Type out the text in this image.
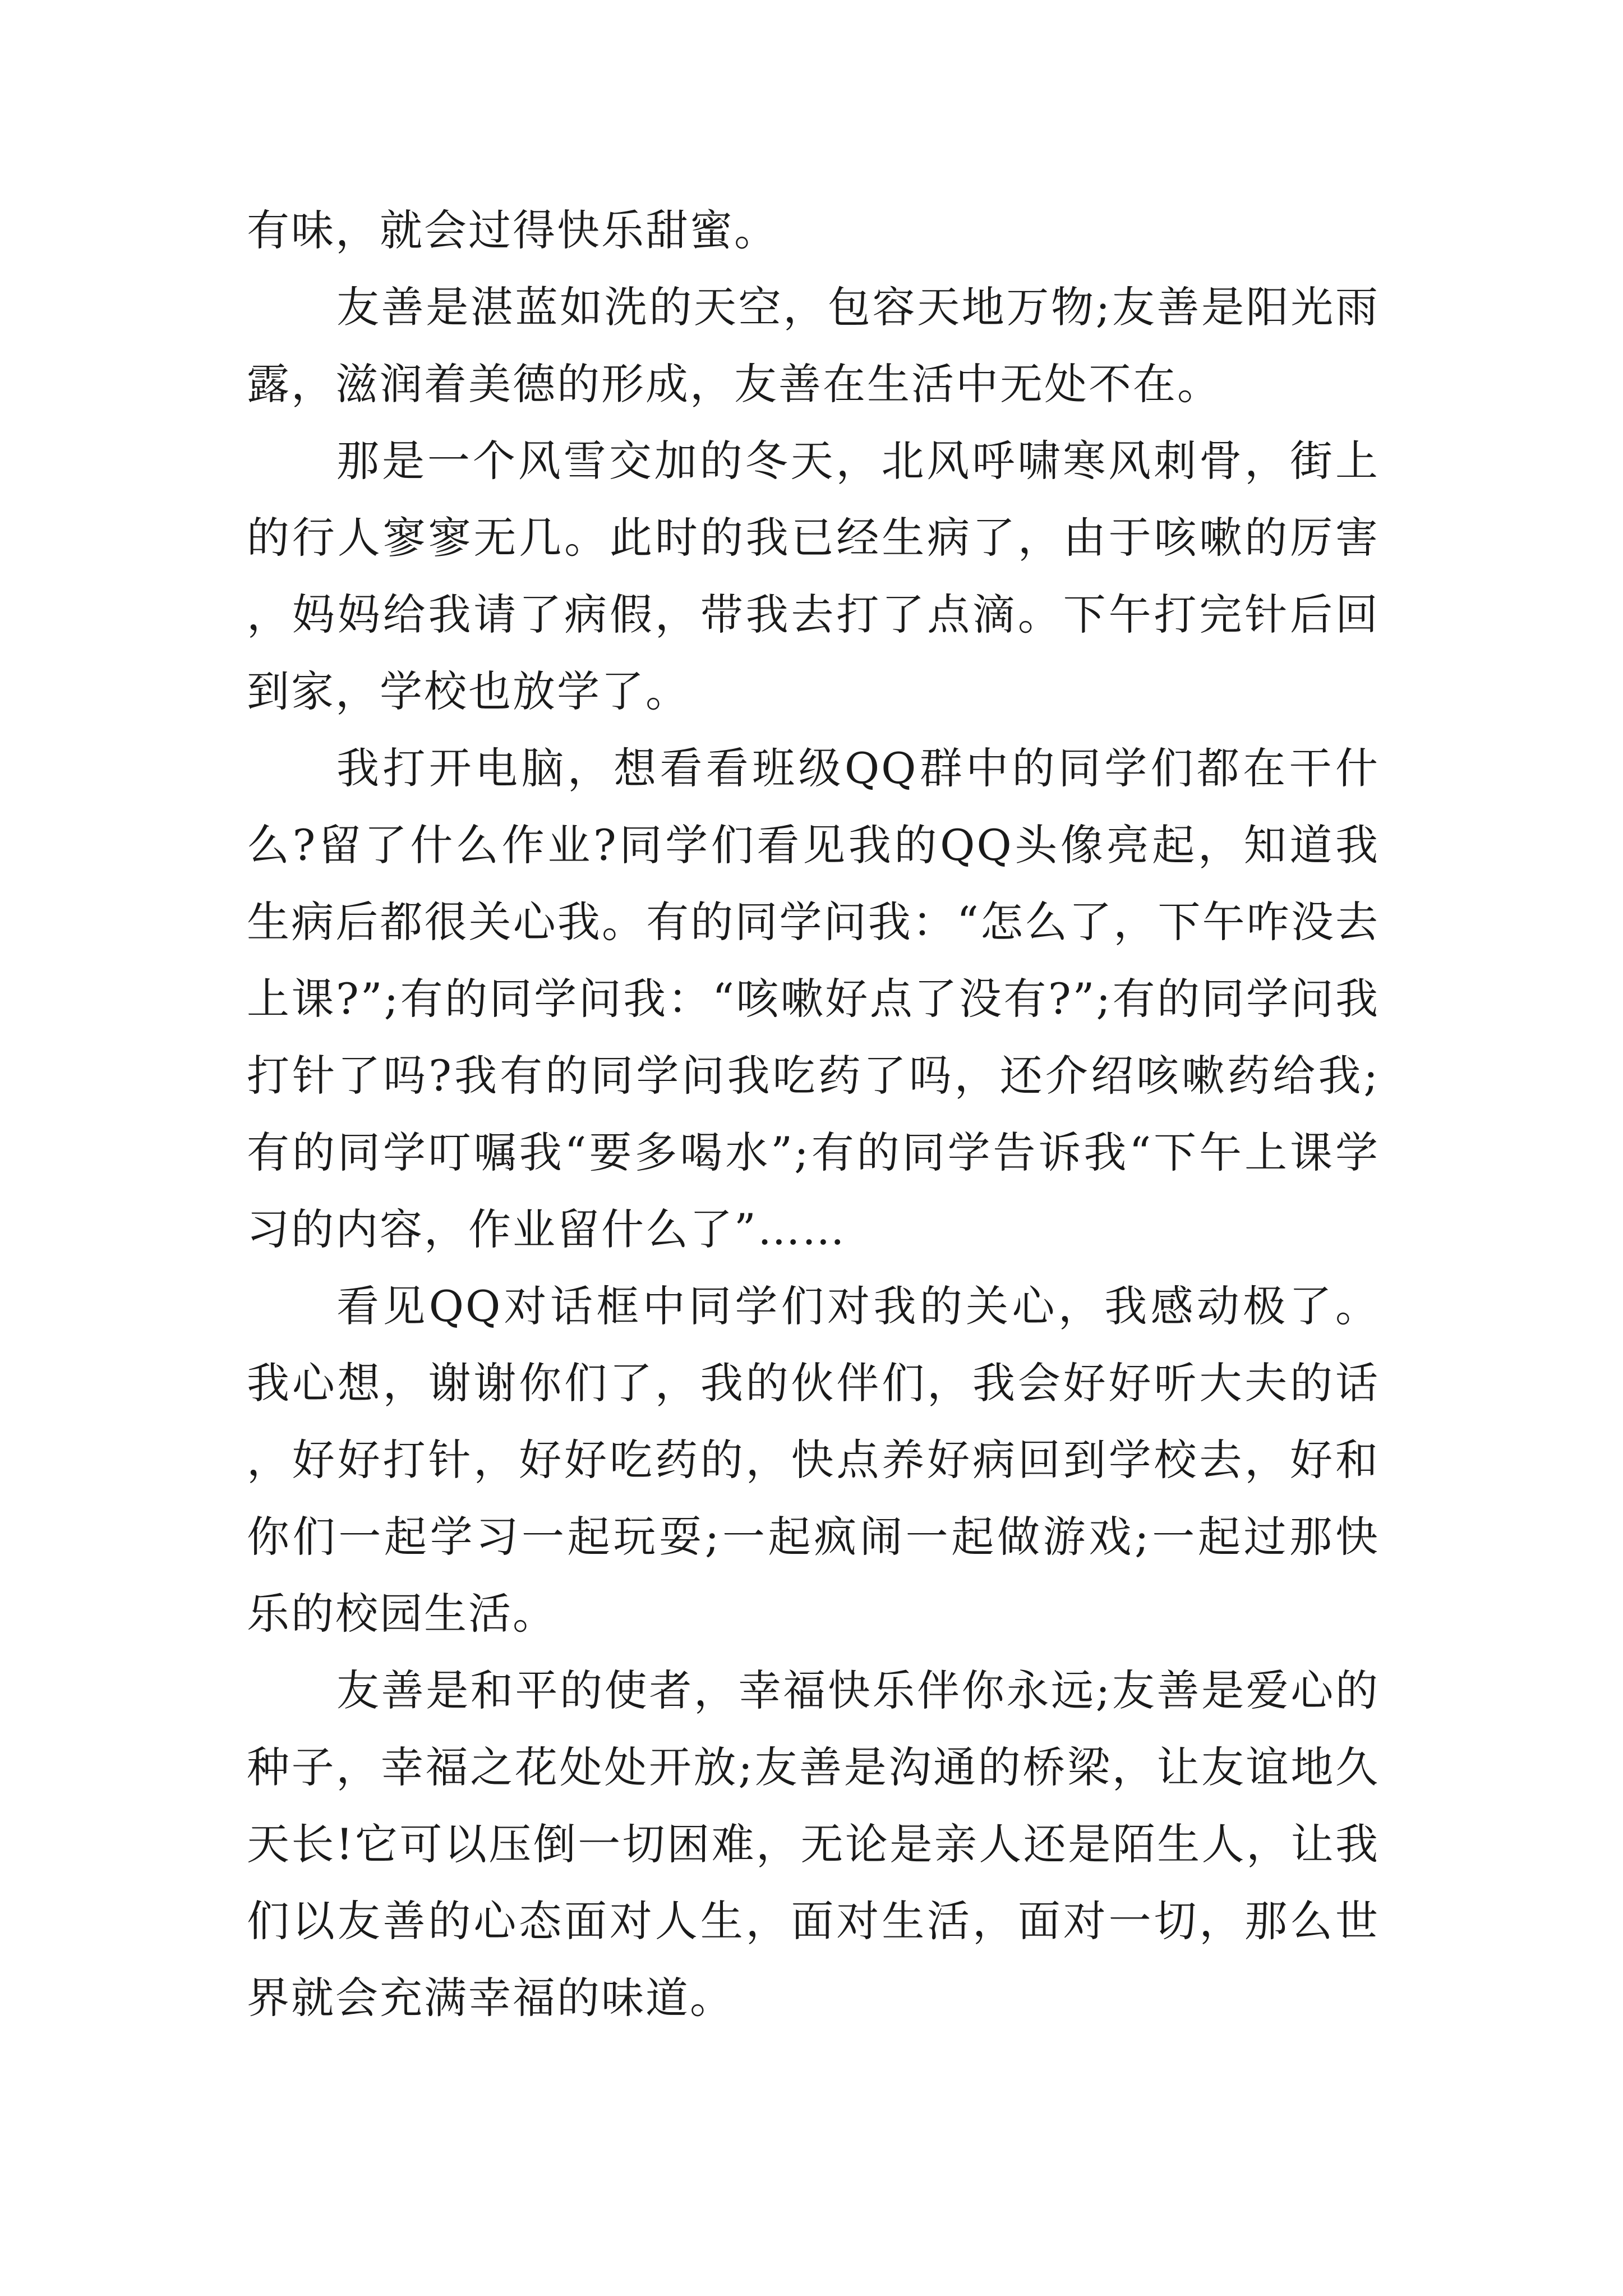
有味，就会过得快乐甜蜜。

友善是湛蓝如洗的天空，包容天地万物;友善是阳光雨露，滋润着美德的形成，友善在生活中无处不在。

那是一个风雪交加的冬天，北风呼啸寒风刺骨，街上的行人寥寥无几。此时的我已经生病了，由于咳嗽的厉害，妈妈给我请了病假，带我去打了点滴。下午打完针后回到家，学校也放学了。

我打开电脑，想看看班级QQ群中的同学们都在干什么?留了什么作业?同学们看见我的QQ头像亮起，知道我生病后都很关心我。有的同学问我：“怎么了，下午咋没去上课?”;有的同学问我：“咳嗽好点了没有?”;有的同学问我打针了吗?我有的同学问我吃药了吗，还介绍咳嗽药给我;有的同学叮嘱我“要多喝水”;有的同学告诉我“下午上课学习的内容，作业留什么了”……

看见QQ对话框中同学们对我的关心，我感动极了。我心想，谢谢你们了，我的伙伴们，我会好好听大夫的话，好好打针，好好吃药的，快点养好病回到学校去，好和你们一起学习一起玩耍;一起疯闹一起做游戏;一起过那快乐的校园生活。

友善是和平的使者，幸福快乐伴你永远;友善是爱心的种子，幸福之花处处开放;友善是沟通的桥梁，让友谊地久天长!它可以压倒一切困难，无论是亲人还是陌生人，让我们以友善的心态面对人生，面对生活，面对一切，那么世界就会充满幸福的味道。
